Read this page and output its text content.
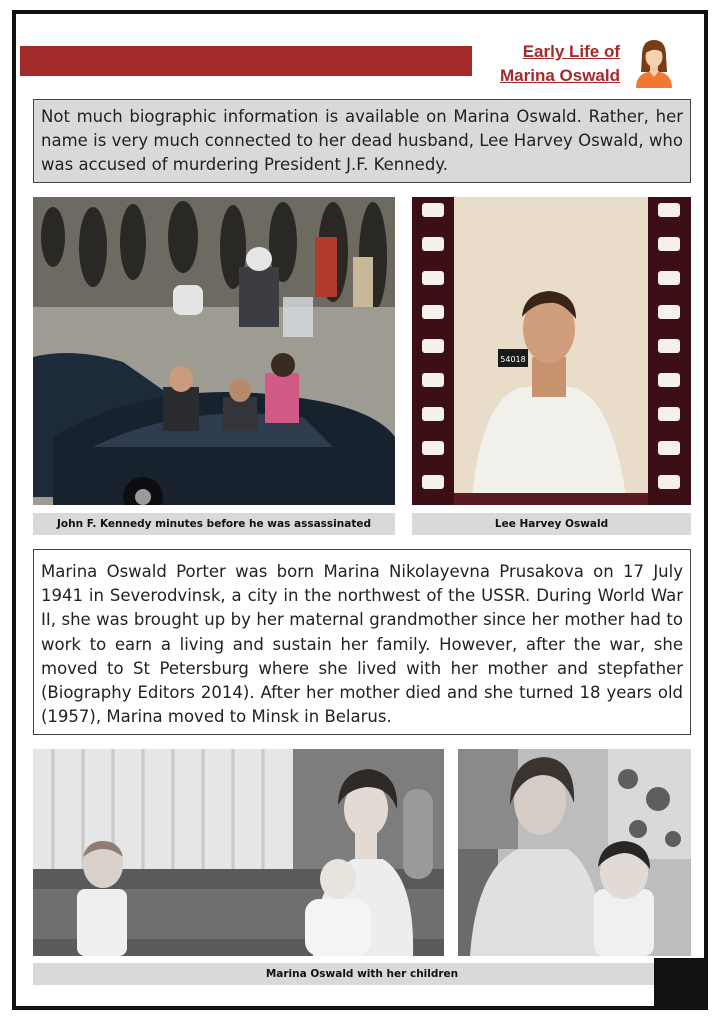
Early Life of
Marina Oswald
Not much biographic information is available on Marina Oswald. Rather, her name is very much connected to her dead husband, Lee Harvey Oswald, who was accused of murdering President J.F. Kennedy.
54018
John F. Kennedy minutes before he was assassinated	Lee Harvey Oswald
Marina Oswald Porter was born Marina Nikolayevna Prusakova on 17 July 1941 in Severodvinsk, a city in the northwest of the USSR. During World War II, she was brought up by her maternal grandmother since her mother had to work to earn a living and sustain her family. However, after the war, she moved to St Petersburg where she lived with her mother and stepfather (Biography Editors 2014). After her mother died and she turned 18 years old (1957), Marina moved to Minsk in Belarus.
Marina Oswald with her children
